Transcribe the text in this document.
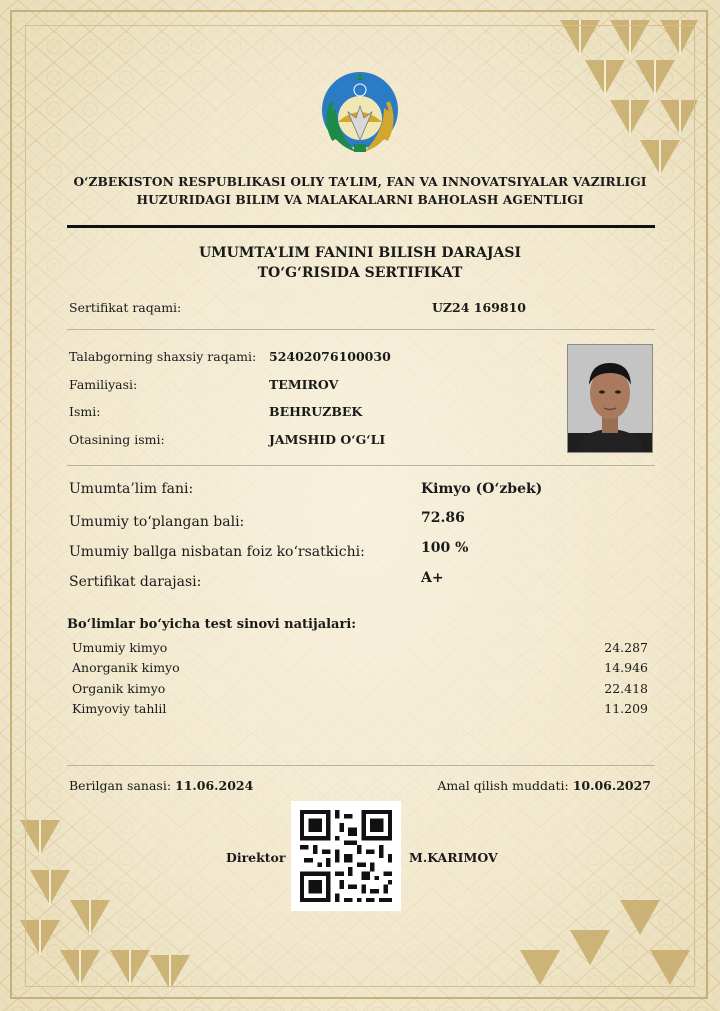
O‘ZBEKISTON RESPUBLIKASI OLIY TA’LIM, FAN VA INNOVATSIYALAR VAZIRLIGI
HUZURIDAGI BILIM VA MALAKALARNI BAHOLASH AGENTLIGI
UMUMTA’LIM FANINI BILISH DARAJASI
TO‘G‘RISIDA SERTIFIKAT
Sertifikat raqami:	UZ24 169810
Talabgorning shaxsiy raqami: 52402076100030
Familiyasi:	TEMIROV
Ismi:	BEHRUZBEK
Otasining ismi:	JAMSHID O‘G‘LI
Umumta’lim fani:	Kimyo (O‘zbek)
Umumiy to‘plangan bali:	72.86
Umumiy ballga nisbatan foiz ko‘rsatkichi:	100 %
Sertifikat darajasi:	A+
Bo‘limlar bo‘yicha test sinovi natijalari:
Umumiy kimyo	24.287
Anorganik kimyo	14.946
Organik kimyo	22.418
Kimyoviy tahlil	11.209
Berilgan sanasi: 11.06.2024	Amal qilish muddati: 10.06.2027
Direktor	M.KARIMOV
